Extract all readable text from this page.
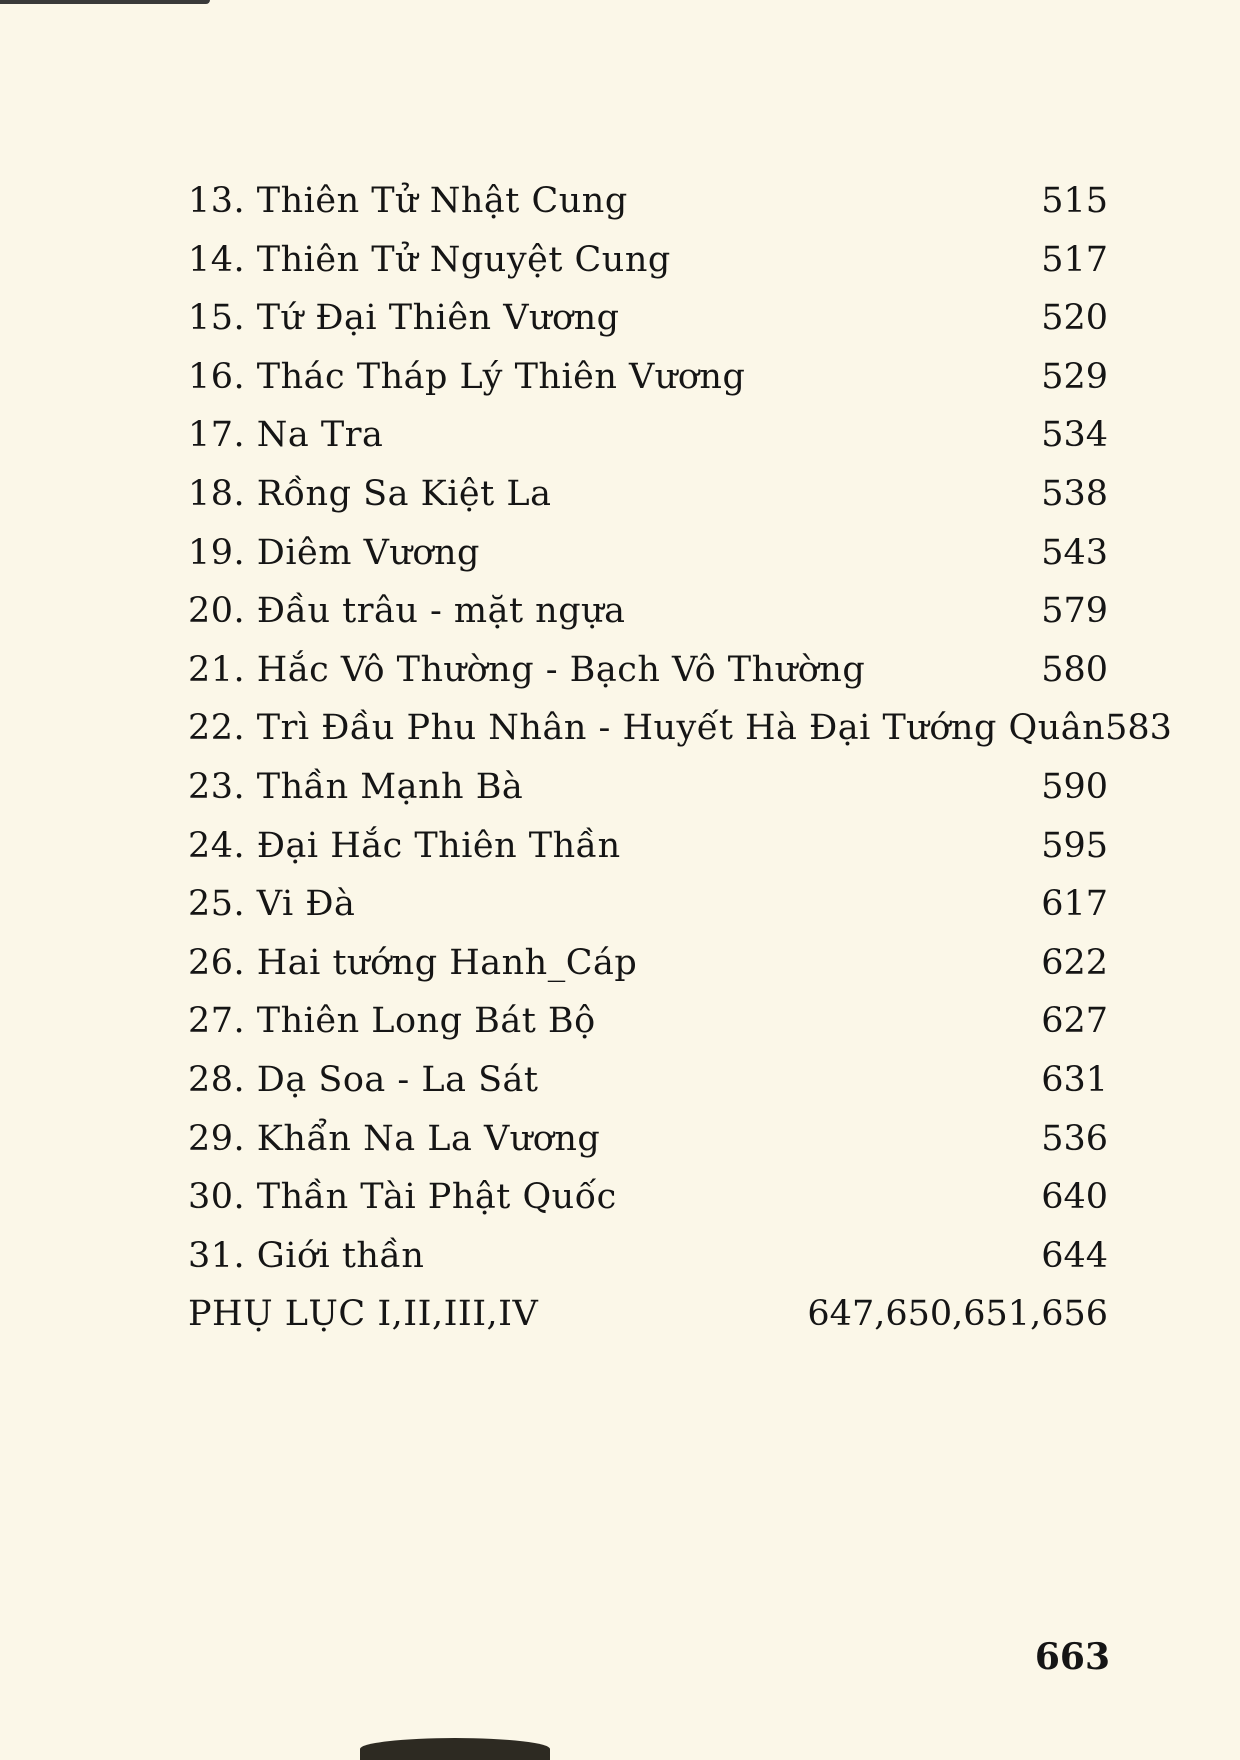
13. Thiên Tử Nhật Cung	515
14. Thiên Tử Nguyệt Cung	517
15. Tứ Đại Thiên Vương	520
16. Thác Tháp Lý Thiên Vương	529
17. Na Tra	534
18. Rồng Sa Kiệt La	538
19. Diêm Vương	543
20. Đầu trâu - mặt ngựa	579
21. Hắc Vô Thường - Bạch Vô Thường	580
22. Trì Đầu Phu Nhân - Huyết Hà Đại Tướng Quân 583
23. Thần Mạnh Bà	590
24. Đại Hắc Thiên Thần	595
25. Vi Đà	617
26. Hai tướng Hanh_Cáp	622
27. Thiên Long Bát Bộ	627
28. Dạ Soa - La Sát	631
29. Khẩn Na La Vương	536
30. Thần Tài Phật Quốc	640
31. Giới thần	644
PHỤ LỤC I,II,III,IV	647,650,651,656
663
